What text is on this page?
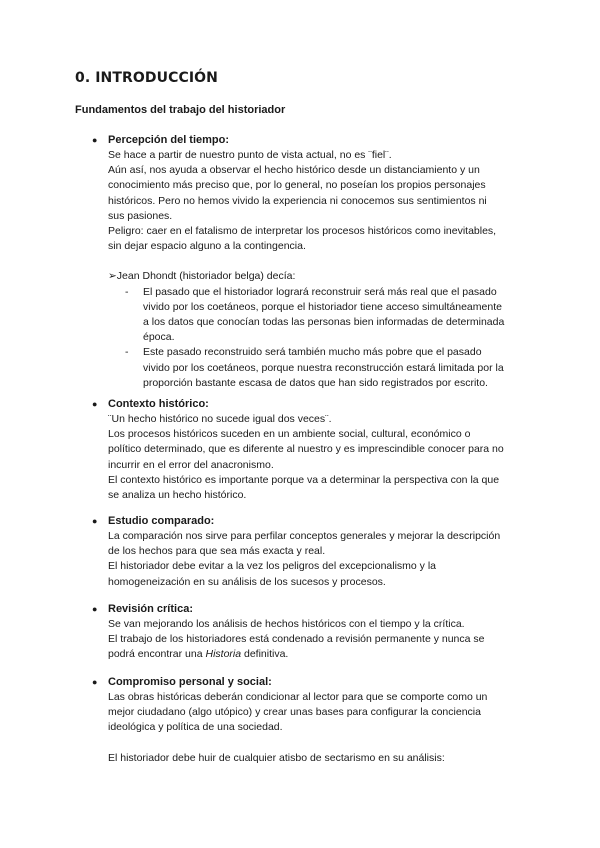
0. INTRODUCCIÓN
Fundamentos del trabajo del historiador
● Percepción del tiempo:

Se hace a partir de nuestro punto de vista actual, no es ¨fiel¨.

Aún así, nos ayuda a observar el hecho histórico desde un distanciamiento y un

conocimiento más preciso que, por lo general, no poseían los propios personajes

históricos. Pero no hemos vivido la experiencia ni conocemos sus sentimientos ni

sus pasiones.

Peligro: caer en el fatalismo de interpretar los procesos históricos como inevitables,

sin dejar espacio alguno a la contingencia.

➢Jean Dhondt (historiador belga) decía:
- El pasado que el historiador logrará reconstruir será más real que el pasado

vivido por los coetáneos, porque el historiador tiene acceso simultáneamente

a los datos que conocían todas las personas bien informadas de determinada

época.

- Este pasado reconstruido será también mucho más pobre que el pasado

vivido por los coetáneos, porque nuestra reconstrucción estará limitada por la

proporción bastante escasa de datos que han sido registrados por escrito.

● Contexto histórico:

¨Un hecho histórico no sucede igual dos veces¨.

Los procesos históricos suceden en un ambiente social, cultural, económico o

político determinado, que es diferente al nuestro y es imprescindible conocer para no

incurrir en el error del anacronismo.

El contexto histórico es importante porque va a determinar la perspectiva con la que

se analiza un hecho histórico.

● Estudio comparado:

La comparación nos sirve para perfilar conceptos generales y mejorar la descripción

de los hechos para que sea más exacta y real.

El historiador debe evitar a la vez los peligros del excepcionalismo y la

homogeneización en su análisis de los sucesos y procesos.

● Revisión crítica:

Se van mejorando los análisis de hechos históricos con el tiempo y la crítica.

El trabajo de los historiadores está condenado a revisión permanente y nunca se

podrá encontrar una Historia definitiva.

● Compromiso personal y social:

Las obras históricas deberán condicionar al lector para que se comporte como un

mejor ciudadano (algo utópico) y crear unas bases para configurar la conciencia

ideológica y política de una sociedad.

El historiador debe huir de cualquier atisbo de sectarismo en su análisis:
